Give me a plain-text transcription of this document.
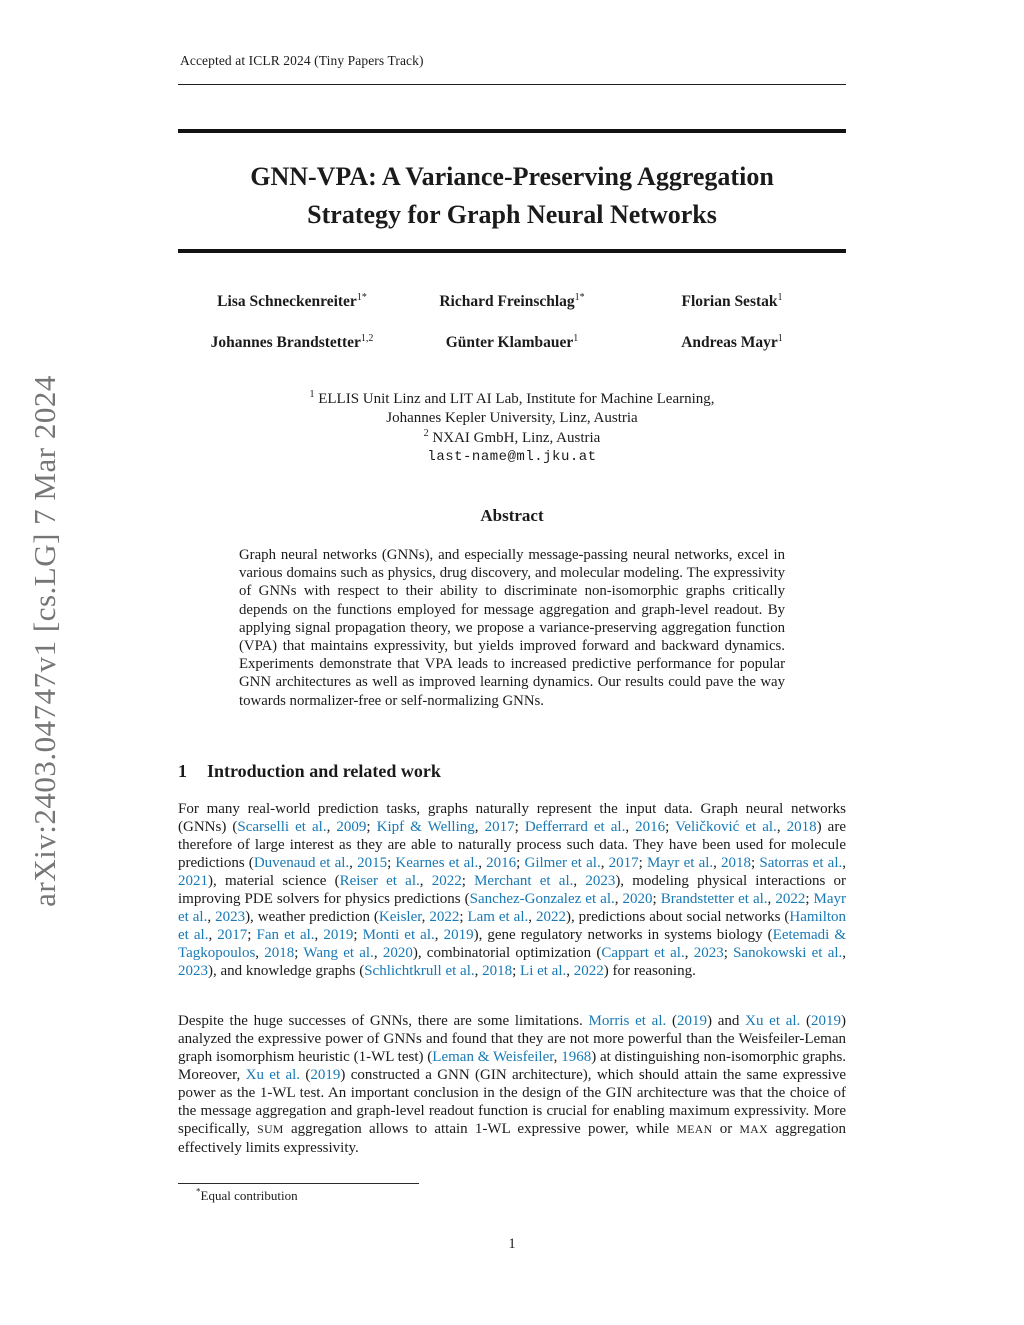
arXiv:2403.04747v1 [cs.LG] 7 Mar 2024
Accepted at ICLR 2024 (Tiny Papers Track)
GNN-VPA: A Variance-Preserving Aggregation
Strategy for Graph Neural Networks
Lisa Schneckenreiter$^{1*}$	Richard Freinschlag$^{1*}$	Florian Sestak$^1$
Johannes Brandstetter$^{1,2}$	Günter Klambauer$^1$	Andreas Mayr$^1$
$^1$ ELLIS Unit Linz and LIT AI Lab, Institute for Machine Learning,
Johannes Kepler University, Linz, Austria
$^2$ NXAI GmbH, Linz, Austria
last-name@ml.jku.at
Abstract
Graph neural networks (GNNs), and especially message-passing neural networks, excel in various domains such as physics, drug discovery, and molecular modeling. The expressivity of GNNs with respect to their ability to discriminate non-isomorphic graphs critically depends on the functions employed for message aggregation and graph-level readout. By applying signal propagation theory, we propose a variance-preserving aggregation function (VPA) that maintains expressivity, but yields improved forward and backward dynamics. Experiments demonstrate that VPA leads to increased predictive performance for popular GNN architectures as well as improved learning dynamics. Our results could pave the way towards normalizer-free or self-normalizing GNNs.
1 Introduction and related work
For many real-world prediction tasks, graphs naturally represent the input data. Graph neural networks (GNNs) (Scarselli et al., 2009; Kipf & Welling, 2017; Defferrard et al., 2016; Veličković et al., 2018) are therefore of large interest as they are able to naturally process such data. They have been used for molecule predictions (Duvenaud et al., 2015; Kearnes et al., 2016; Gilmer et al., 2017; Mayr et al., 2018; Satorras et al., 2021), material science (Reiser et al., 2022; Merchant et al., 2023), modeling physical interactions or improving PDE solvers for physics predictions (Sanchez-Gonzalez et al., 2020; Brandstetter et al., 2022; Mayr et al., 2023), weather prediction (Keisler, 2022; Lam et al., 2022), predictions about social networks (Hamilton et al., 2017; Fan et al., 2019; Monti et al., 2019), gene regulatory networks in systems biology (Eetemadi & Tagkopoulos, 2018; Wang et al., 2020), combinatorial optimization (Cappart et al., 2023; Sanokowski et al., 2023), and knowledge graphs (Schlichtkrull et al., 2018; Li et al., 2022) for reasoning.
Despite the huge successes of GNNs, there are some limitations. Morris et al. (2019) and Xu et al. (2019) analyzed the expressive power of GNNs and found that they are not more powerful than the Weisfeiler-Leman graph isomorphism heuristic (1-WL test) (Leman & Weisfeiler, 1968) at distinguishing non-isomorphic graphs. Moreover, Xu et al. (2019) constructed a GNN (GIN architecture), which should attain the same expressive power as the 1-WL test. An important conclusion in the design of the GIN architecture was that the choice of the message aggregation and graph-level readout function is crucial for enabling maximum expressivity. More specifically, SUM aggregation allows to attain 1-WL expressive power, while MEAN or MAX aggregation effectively limits expressivity.
*Equal contribution
1
